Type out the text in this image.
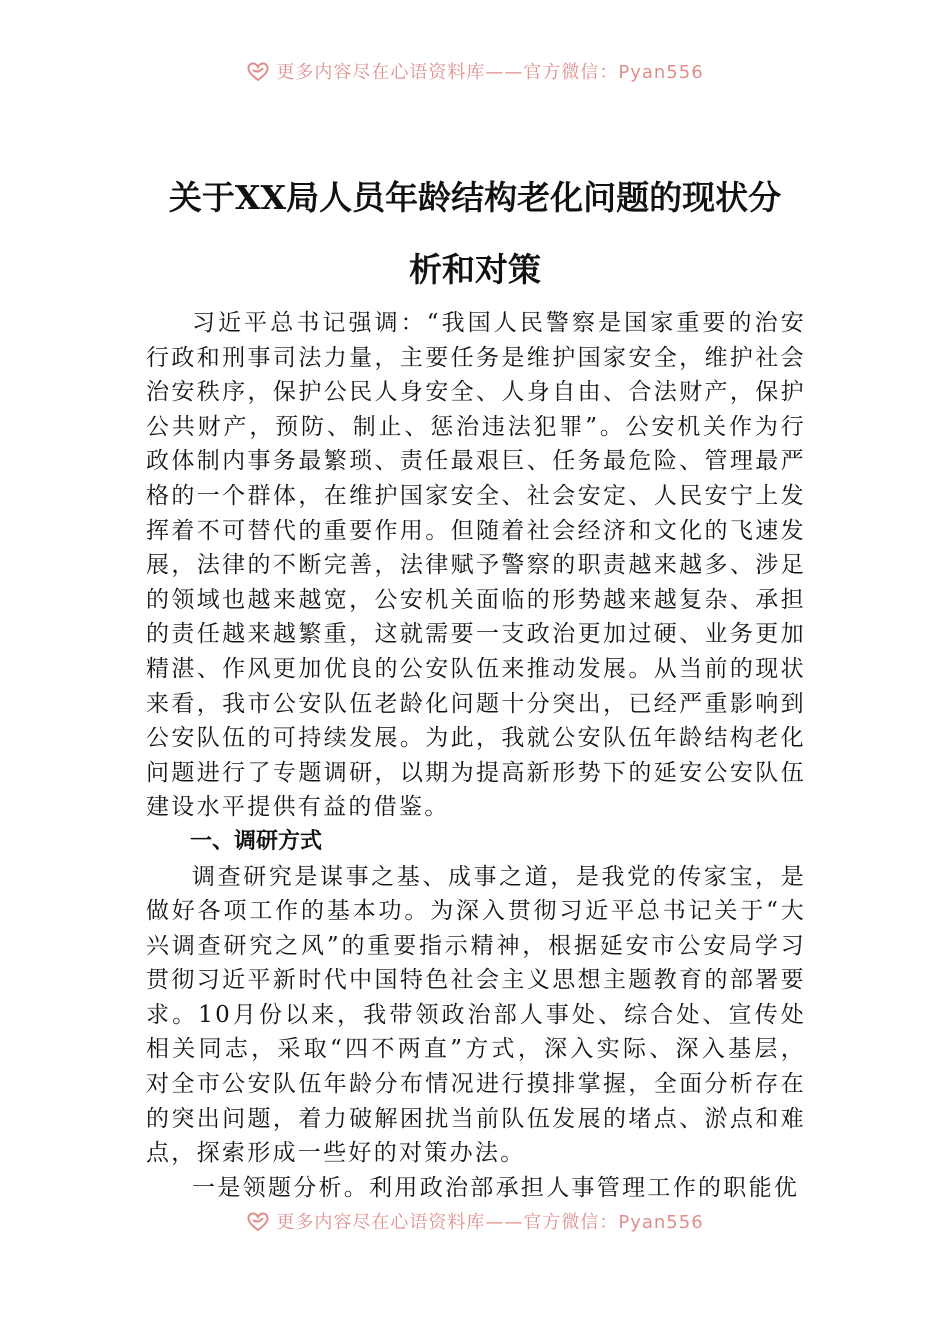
更多内容尽在心语资料库——官方微信：Pyan556
关于XX局人员年龄结构老化问题的现状分
析和对策

习近平总书记强调：“我国人民警察是国家重要的治安行政和刑事司法力量，主要任务是维护国家安全，维护社会治安秩序，保护公民人身安全、人身自由、合法财产，保护公共财产，预防、制止、惩治违法犯罪”。公安机关作为行政体制内事务最繁琐、责任最艰巨、任务最危险、管理最严格的一个群体，在维护国家安全、社会安定、人民安宁上发挥着不可替代的重要作用。但随着社会经济和文化的飞速发展，法律的不断完善，法律赋予警察的职责越来越多、涉足的领域也越来越宽，公安机关面临的形势越来越复杂、承担的责任越来越繁重，这就需要一支政治更加过硬、业务更加精湛、作风更加优良的公安队伍来推动发展。从当前的现状来看，我市公安队伍老龄化问题十分突出，已经严重影响到公安队伍的可持续发展。为此，我就公安队伍年龄结构老化问题进行了专题调研，以期为提高新形势下的延安公安队伍建设水平提供有益的借鉴。

一、调研方式

调查研究是谋事之基、成事之道，是我党的传家宝，是做好各项工作的基本功。为深入贯彻习近平总书记关于“大兴调查研究之风”的重要指示精神，根据延安市公安局学习贯彻习近平新时代中国特色社会主义思想主题教育的部署要求。10月份以来，我带领政治部人事处、综合处、宣传处相关同志，采取“四不两直”方式，深入实际、深入基层，对全市公安队伍年龄分布情况进行摸排掌握，全面分析存在的突出问题，着力破解困扰当前队伍发展的堵点、淤点和难点，探索形成一些好的对策办法。

一是领题分析。利用政治部承担人事管理工作的职能优

更多内容尽在心语资料库——官方微信：Pyan556
